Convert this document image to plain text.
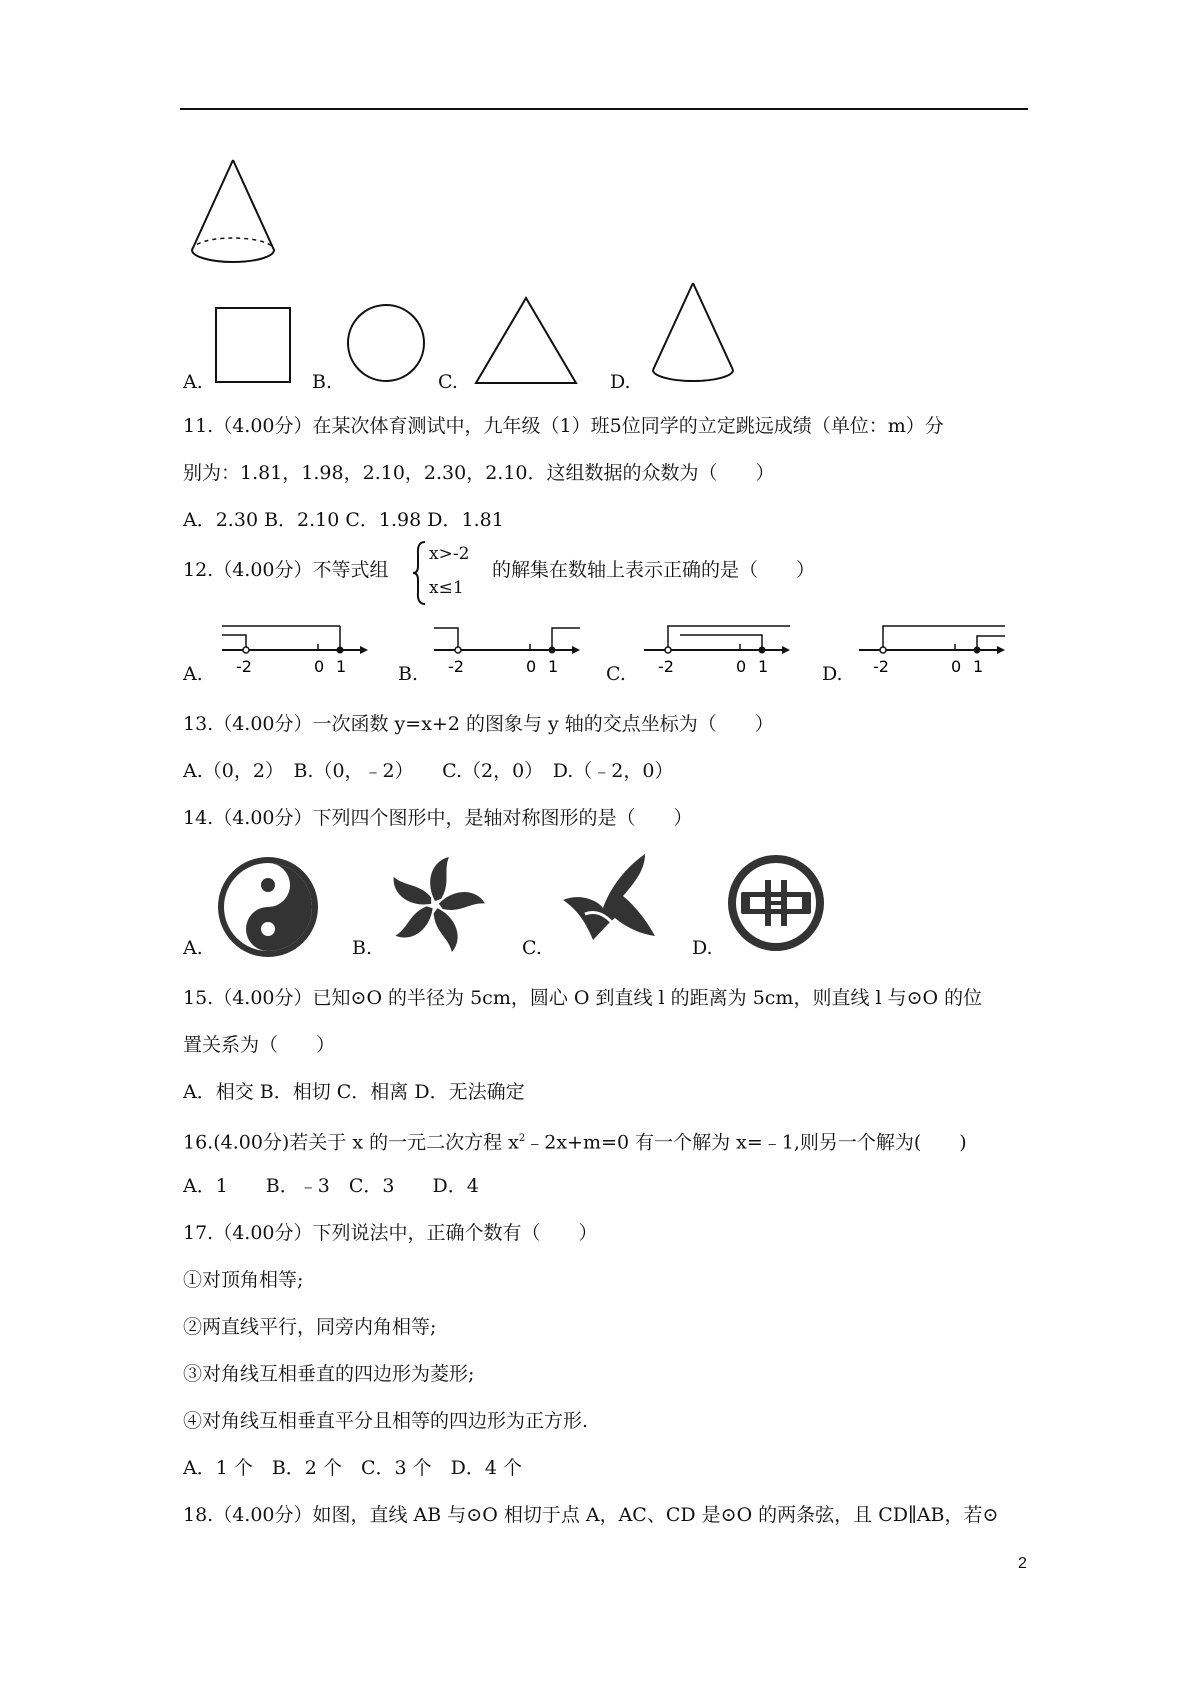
A.	B.	C.	D.
11.（4.00分）在某次体育测试中，九年级（1）班5位同学的立定跳远成绩（单位：m）分
别为：1.81，1.98，2.10，2.30，2.10．这组数据的众数为（　　）
A．2.30 B．2.10 C．1.98 D．1.81
12.（4.00分）不等式组
x>-2
x≤1
的解集在数轴上表示正确的是（　　）
A. -2	0 1	B. -2	0 1	C. -2	0 1	D. -2	0 1
13.（4.00分）一次函数 y=x+2 的图象与 y 轴的交点坐标为（　　）
A.（0，2）　B.（0，﹣2）　　C.（2，0）　D.（﹣2，0）
14.（4.00分）下列四个图形中，是轴对称图形的是（　　）
A.	B.	C.	D.
15.（4.00分）已知⊙O 的半径为 5cm，圆心 O 到直线 l 的距离为 5cm，则直线 l 与⊙O 的位
置关系为（　　）
A．相交 B．相切 C．相离 D．无法确定
16.(4.00分)若关于 x 的一元二次方程 $x^2﹣2x+m=0$ 有一个解为 x=﹣1,则另一个解为(　　)
A．1　　B．﹣3　C．3　　D．4
17.（4.00分）下列说法中，正确个数有（　　）
①对顶角相等;
②两直线平行，同旁内角相等;
③对角线互相垂直的四边形为菱形;
④对角线互相垂直平分且相等的四边形为正方形.
A．1 个　B．2 个　C．3 个　D．4 个
18.（4.00分）如图，直线 AB 与⊙O 相切于点 A，AC、CD 是⊙O 的两条弦，且 CD∥AB，若⊙
2
